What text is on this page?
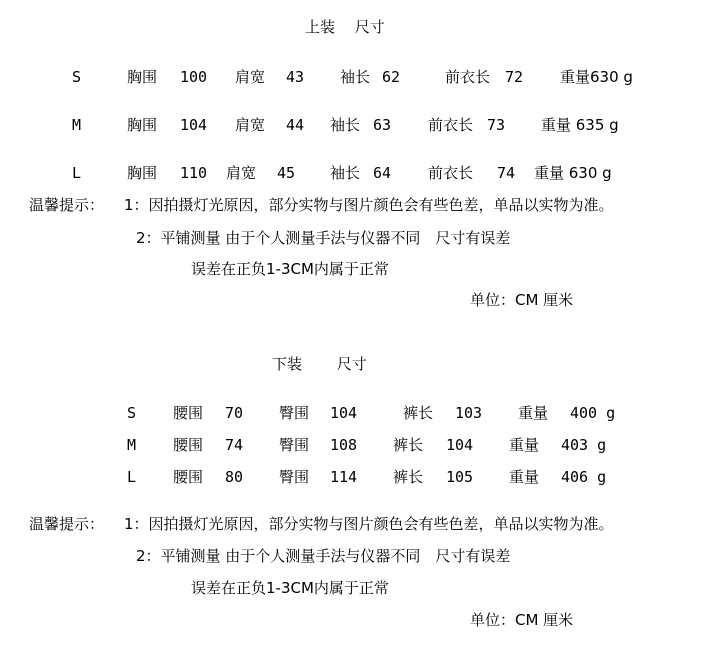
上装　 尺寸
S	胸围 100 肩宽 43 袖长 62	前衣长 72 重量630 g
M	胸围 104 肩宽 44 袖长 63 前衣长 73 重量 635 g
L	胸围 110 肩宽 45 袖长 64 前衣长 74 重量 630 g
温馨提示： 1：因拍摄灯光原因，部分实物与图片颜色会有些色差，单品以实物为准。
2：平铺测量 由于个人测量手法与仪器不同　尺寸有误差
误差在正负1-3CM内属于正常
单位：CM 厘米
下装　　 尺寸
S 腰围 70 臀围 104	裤长 103 重量 400 g
M 腰围 74 臀围 108 裤长 104 重量 403 g
L 腰围 80 臀围 114 裤长 105 重量 406 g
温馨提示： 1：因拍摄灯光原因，部分实物与图片颜色会有些色差，单品以实物为准。
2：平铺测量 由于个人测量手法与仪器不同　尺寸有误差
误差在正负1-3CM内属于正常
单位：CM 厘米
